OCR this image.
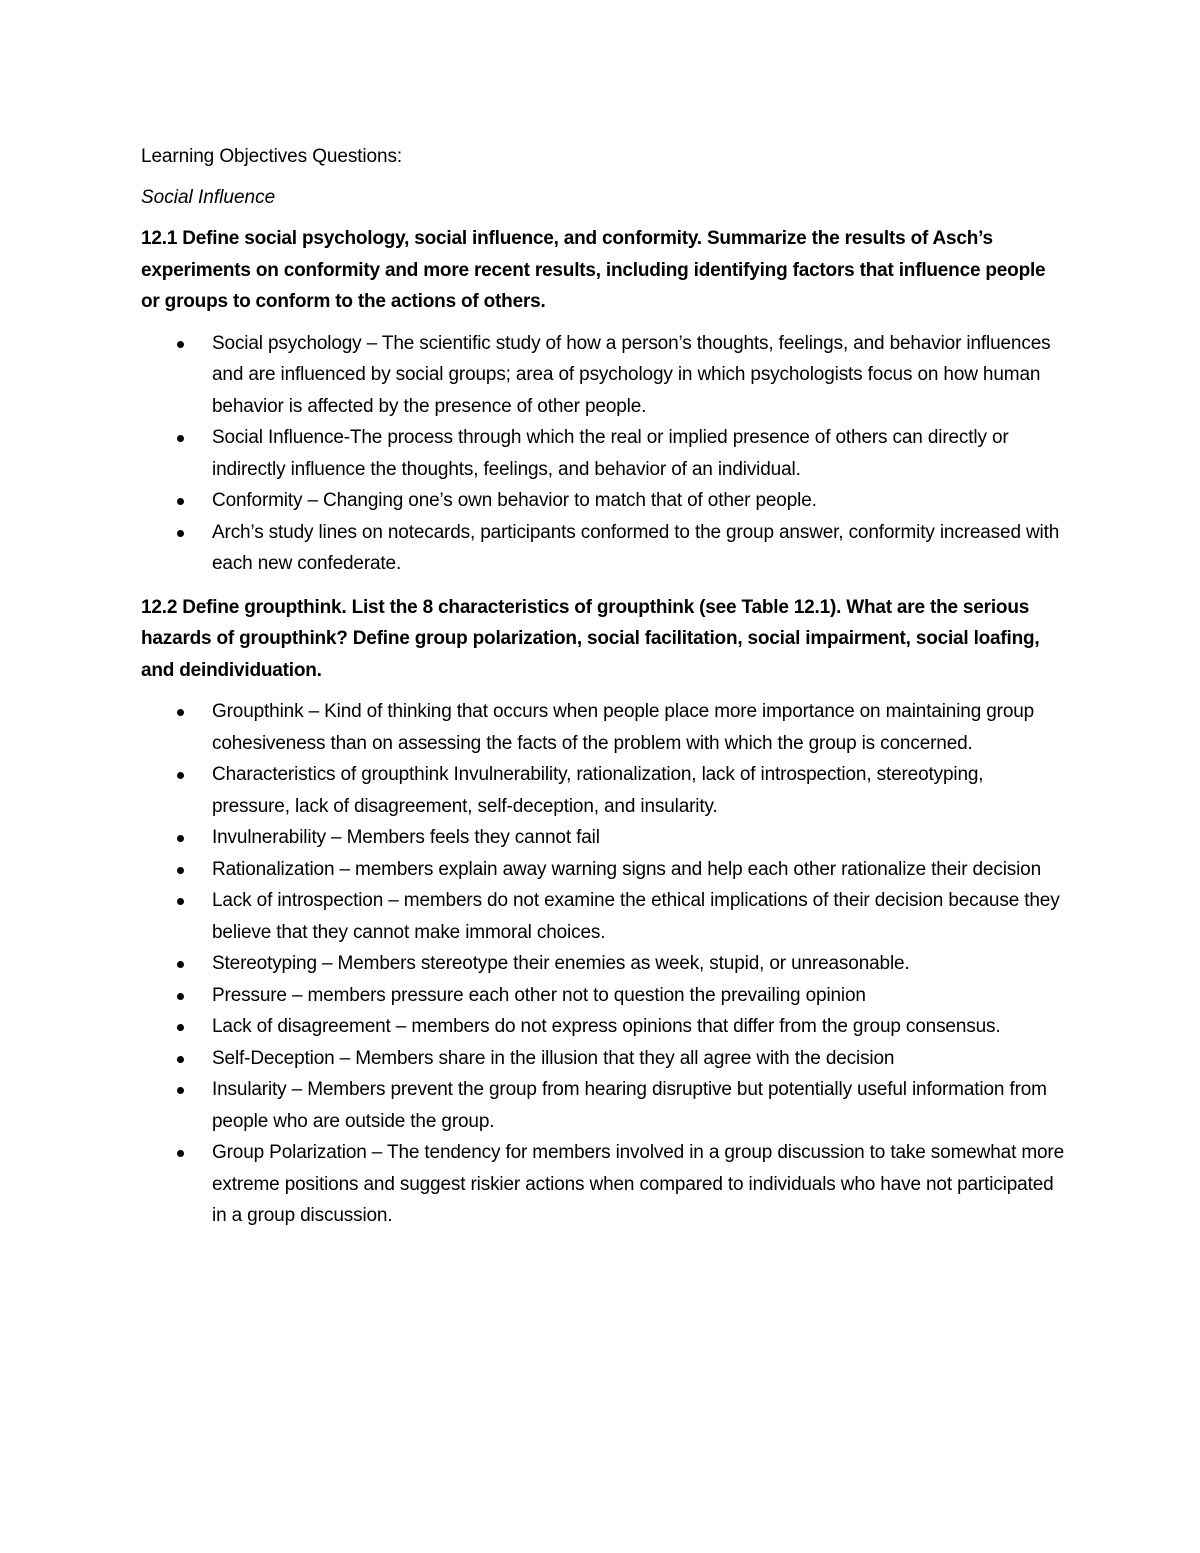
Learning Objectives Questions:
Social Influence
12.1 Define social psychology, social influence, and conformity. Summarize the results of Asch’s experiments on conformity and more recent results, including identifying factors that influence people or groups to conform to the actions of others.
Social psychology – The scientific study of how a person’s thoughts, feelings, and behavior influences and are influenced by social groups; area of psychology in which psychologists focus on how human behavior is affected by the presence of other people.
Social Influence-The process through which the real or implied presence of others can directly or indirectly influence the thoughts, feelings, and behavior of an individual.
Conformity – Changing one’s own behavior to match that of other people.
Arch’s study lines on notecards, participants conformed to the group answer, conformity increased with each new confederate.
12.2 Define groupthink. List the 8 characteristics of groupthink (see Table 12.1). What are the serious hazards of groupthink? Define group polarization, social facilitation, social impairment, social loafing, and deindividuation.
Groupthink – Kind of thinking that occurs when people place more importance on maintaining group cohesiveness than on assessing the facts of the problem with which the group is concerned.
Characteristics of groupthink Invulnerability, rationalization, lack of introspection, stereotyping, pressure, lack of disagreement, self-deception, and insularity.
Invulnerability – Members feels they cannot fail
Rationalization – members explain away warning signs and help each other rationalize their decision
Lack of introspection – members do not examine the ethical implications of their decision because they believe that they cannot make immoral choices.
Stereotyping – Members stereotype their enemies as week, stupid, or unreasonable.
Pressure – members pressure each other not to question the prevailing opinion
Lack of disagreement – members do not express opinions that differ from the group consensus.
Self-Deception – Members share in the illusion that they all agree with the decision
Insularity – Members prevent the group from hearing disruptive but potentially useful information from people who are outside the group.
Group Polarization – The tendency for members involved in a group discussion to take somewhat more extreme positions and suggest riskier actions when compared to individuals who have not participated in a group discussion.
